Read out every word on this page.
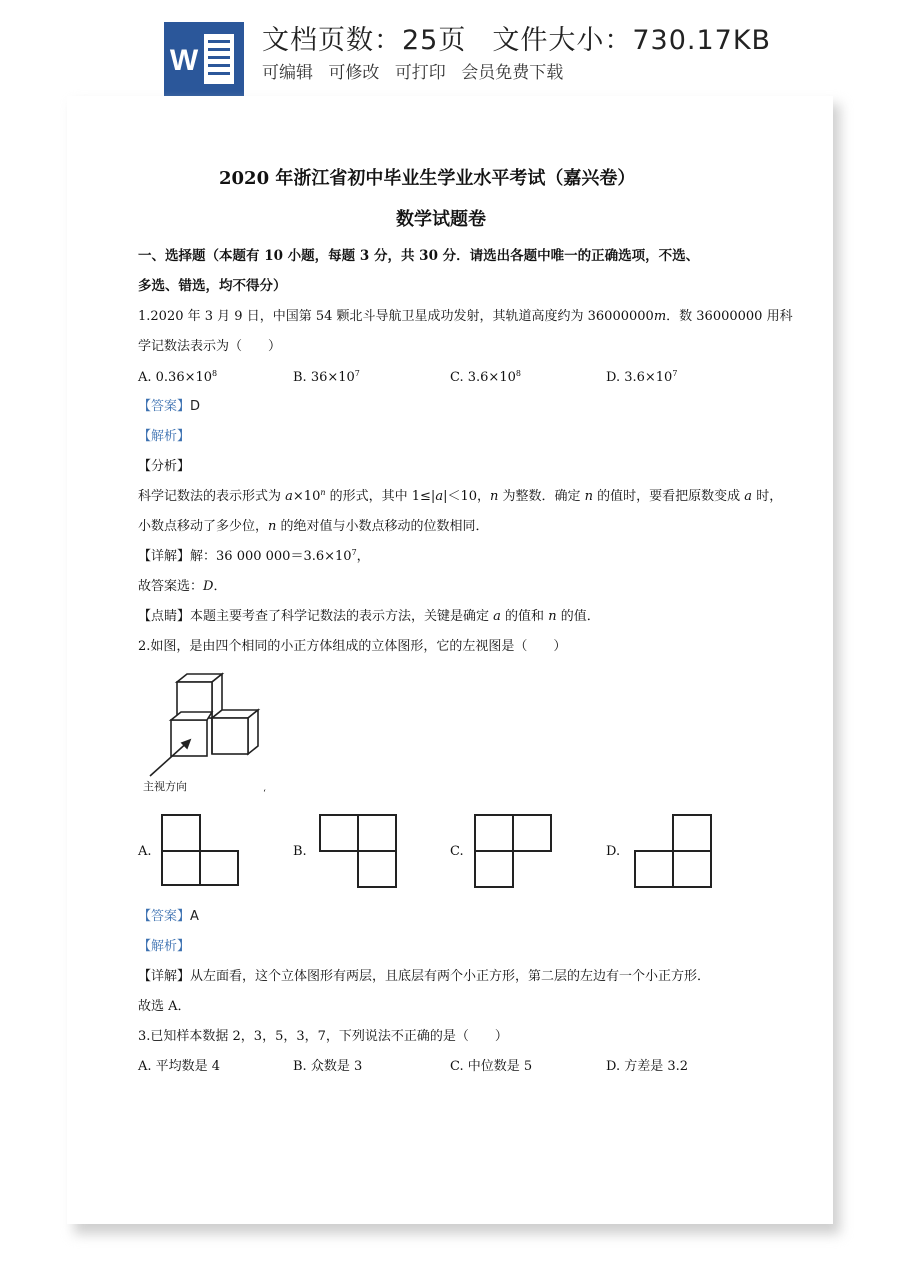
W
文档页数：25页 文件大小：730.17KB
可编辑 可修改 可打印 会员免费下载
2020 年浙江省初中毕业生学业水平考试（嘉兴卷）
数学试题卷
一、选择题（本题有 10 小题，每题 3 分，共 30 分．请选出各题中唯一的正确选项，不选、
多选、错选，均不得分）
1.2020 年 3 月 9 日，中国第 54 颗北斗导航卫星成功发射，其轨道高度约为 36000000m．数 36000000 用科
学记数法表示为（　　）
A. $0.36\times 10^8$	B. $36\times 10^7$	C. $3.6\times 10^8$	D. $3.6\times 10^7$
【答案】D
【解析】
【分析】
科学记数法的表示形式为 $a\times 10^n$ 的形式，其中 1≤|a|＜10，n 为整数．确定 n 的值时，要看把原数变成 a 时，
小数点移动了多少位，n 的绝对值与小数点移动的位数相同．
【详解】解：36 000 $000=3.6\times 10^7$，
故答案选：D．
【点睛】本题主要考查了科学记数法的表示方法，关键是确定 a 的值和 n 的值．
2.如图，是由四个相同的小正方体组成的立体图形，它的左视图是（　　）
主视方向
‘
A.	B.	C.	D.
【答案】A
【解析】
【详解】从左面看，这个立体图形有两层，且底层有两个小正方形，第二层的左边有一个小正方形．
故选 A．
3.已知样本数据 2，3，5，3，7，下列说法不正确的是（　　）
A. 平均数是 4	B. 众数是 3	C. 中位数是 5	D. 方差是 3.2
